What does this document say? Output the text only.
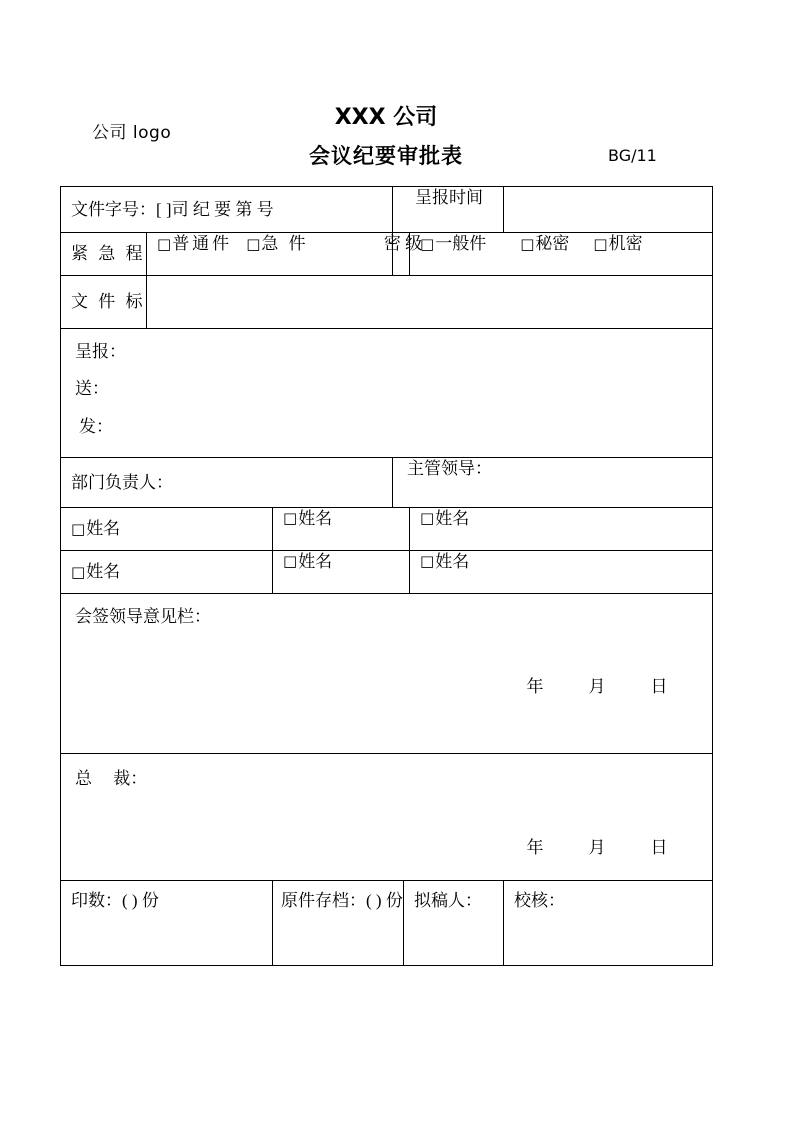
公司 logo
XXX 公司
会议纪要审批表	BG/11
文件字号：[ ]司 纪 要 第 号			呈报时间			

紧 急 程	□普通件 □急 件		密 级		□一般件 □秘密 □机密	

文 件 标						

呈报：
送：
发：						

部门负责人：			主管领导：			

□ 姓名		□ 姓名			□ 姓名	

□ 姓名		□ 姓名			□ 姓名	

会签领导意见栏：
年 月 日						

总　 裁：
年 月 日						

印数：( ) 份		原件存档：( ) 份		拟稿人：		校核：
